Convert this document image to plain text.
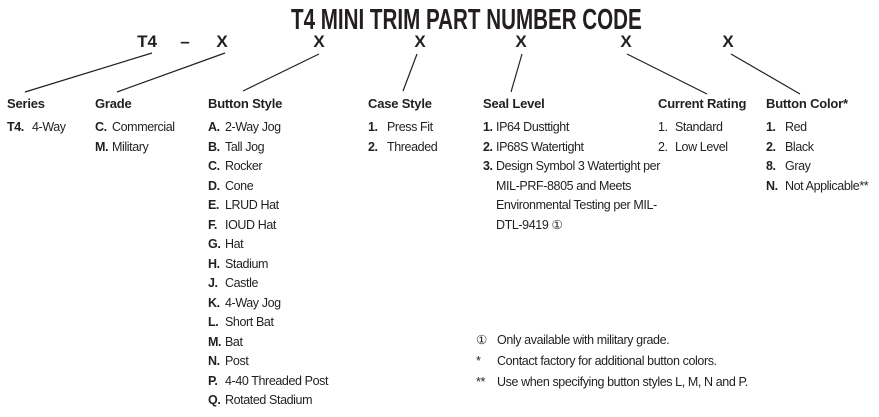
T4 MINI TRIM PART NUMBER CODE
T4 – X	X	X	X	X	X
Series
T4. 4-Way
Grade
C. Commercial
M. Military
Button Style
A. 2-Way Jog
B. Tall Jog
C. Rocker
D. Cone
E. LRUD Hat
F. IOUD Hat
G. Hat
H. Stadium
J. Castle
K. 4-Way Jog
L. Short Bat
M. Bat
N. Post
P. 4-40 Threaded Post
Q. Rotated Stadium
Case Style
1. Press Fit
2. Threaded
Seal Level
1. IP64 Dusttight
2. IP68S Watertight
3. Design Symbol 3 Watertight per MIL-PRF-8805 and Meets Environmental Testing per MIL-DTL-9419 ①
Current Rating
1. Standard
2. Low Level
Button Color*
1. Red
2. Black
8. Gray
N. Not Applicable**
① Only available with military grade.
*	Contact factory for additional button colors.
** Use when specifying button styles L, M, N and P.
